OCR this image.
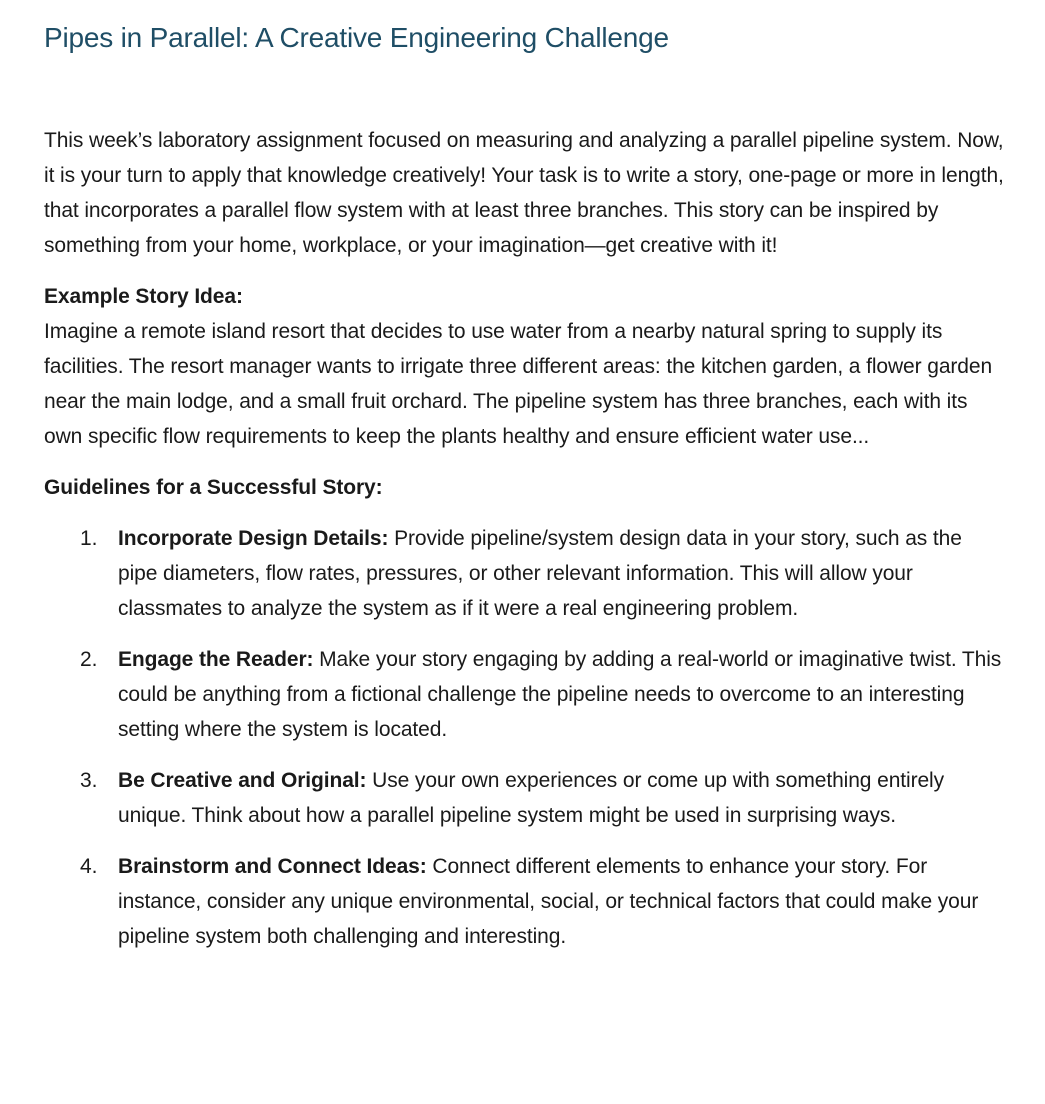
Pipes in Parallel: A Creative Engineering Challenge

This week’s laboratory assignment focused on measuring and analyzing a parallel pipeline system. Now, it is your turn to apply that knowledge creatively! Your task is to write a story, one-page or more in length, that incorporates a parallel flow system with at least three branches. This story can be inspired by something from your home, workplace, or your imagination—get creative with it!

Example Story Idea:

Imagine a remote island resort that decides to use water from a nearby natural spring to supply its facilities. The resort manager wants to irrigate three different areas: the kitchen garden, a flower garden near the main lodge, and a small fruit orchard. The pipeline system has three branches, each with its own specific flow requirements to keep the plants healthy and ensure efficient water use...

Guidelines for a Successful Story:

1. Incorporate Design Details: Provide pipeline/system design data in your story, such as the pipe diameters, flow rates, pressures, or other relevant information. This will allow your classmates to analyze the system as if it were a real engineering problem.
2. Engage the Reader: Make your story engaging by adding a real-world or imaginative twist. This could be anything from a fictional challenge the pipeline needs to overcome to an interesting setting where the system is located.
3. Be Creative and Original: Use your own experiences or come up with something entirely unique. Think about how a parallel pipeline system might be used in surprising ways.
4. Brainstorm and Connect Ideas: Connect different elements to enhance your story. For instance, consider any unique environmental, social, or technical factors that could make your pipeline system both challenging and interesting.
